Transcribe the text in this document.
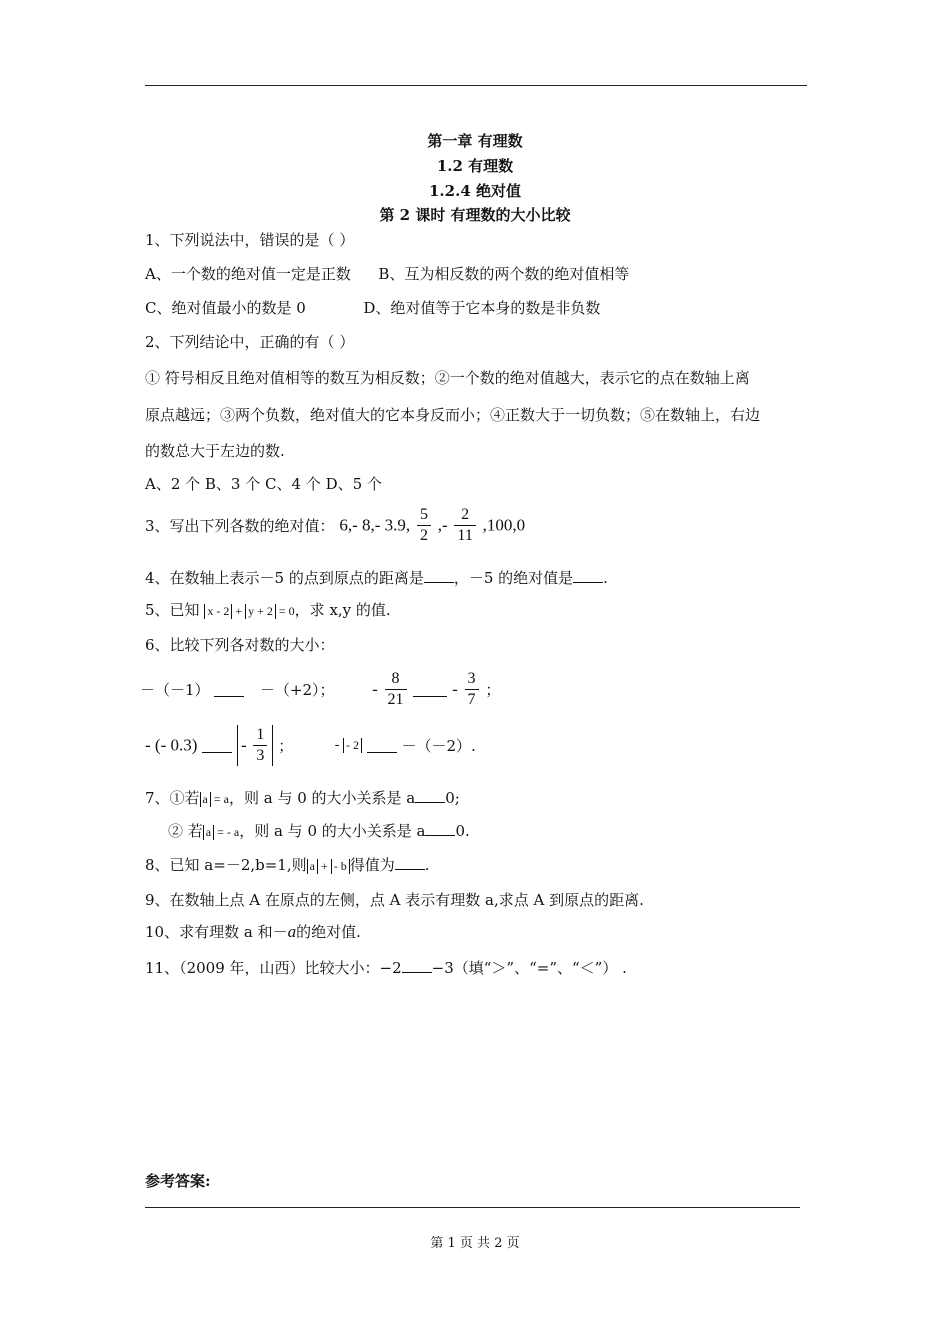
第一章 有理数
1.2 有理数
1.2.4 绝对值
第 2 课时 有理数的大小比较
1、下列说法中，错误的是（ ）
A、一个数的绝对值一定是正数 B、互为相反数的两个数的绝对值相等
C、绝对值最小的数是 0	D、绝对值等于它本身的数是非负数
2、下列结论中，正确的有（ ）
① 符号相反且绝对值相等的数互为相反数；②一个数的绝对值越大，表示它的点在数轴上离
原点越远；③两个负数，绝对值大的它本身反而小；④正数大于一切负数；⑤在数轴上，右边
的数总大于左边的数.
A、2 个 B、3 个 C、4 个 D、5 个
3、写出下列各数的绝对值： 6,- 8,- 3.9, $\frac{5}{2}$ ,- $\frac{2}{11} ,100,0$
4、在数轴上表示－5 的点到原点的距离是 ，－5 的绝对值是 .
5、已知 x - 2 + y + 2 = 0，求 x,y 的值.
6、比较下列各对数的大小：
－（－1）	－（+2）； - $\frac{8}{21}$	- $\frac{3}{7}$ ；
- (- 0.3)	- $\frac{1}{3}$ ；	- - 2	－（－2）.
7、①若 a = a，则 a 与 0 的大小关系是 a 0;
② 若 a = - a，则 a 与 0 的大小关系是 a 0.
8、已知 a=－2,b=1,则 a + - b 得值为 .
9、在数轴上点 A 在原点的左侧，点 A 表示有理数 a,求点 A 到原点的距离.
10、求有理数 a 和－a的绝对值.
11、（2009 年，山西）比较大小：−2 −3（填“＞”、“=”、“＜”） .
参考答案:
第 1 页 共 2 页
